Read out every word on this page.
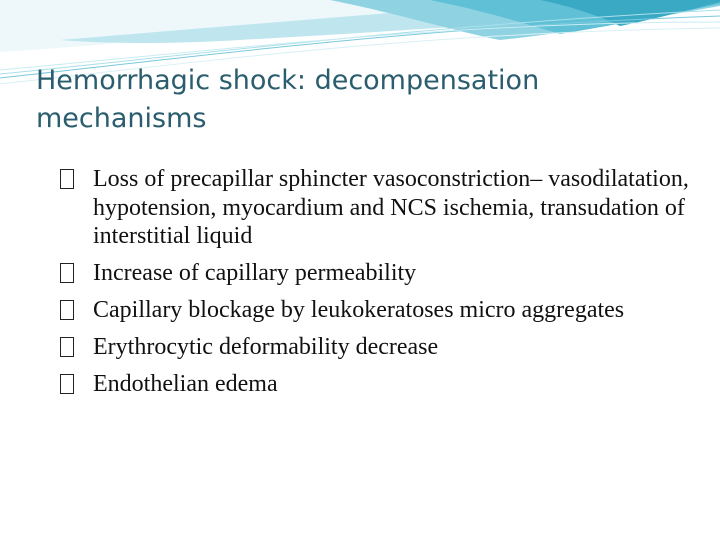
Hemorrhagic shock: decompensation mechanisms
Loss of precapillar sphincter vasoconstriction– vasodilatation, hypotension, myocardium and NCS ischemia, transudation of interstitial liquid
Increase of capillary permeability
Capillary blockage by leukokeratoses micro aggregates
Erythrocytic deformability decrease
Endothelian edema
